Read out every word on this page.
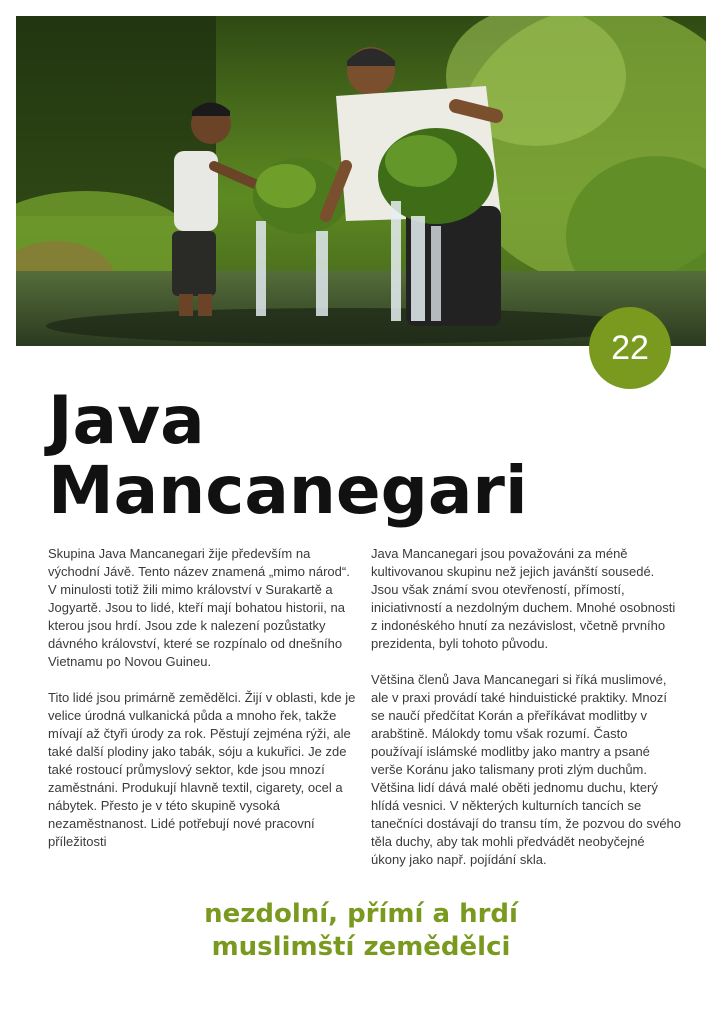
22
Java
Mancanegari

Skupina Java Mancanegari žije především na východní Jávě. Tento název znamená „mimo národ“. V minulosti totiž žili mimo království v Surakartě a Jogyartě. Jsou to lidé, kteří mají bohatou historii, na kterou jsou hrdí. Jsou zde k nalezení pozůstatky dávného království, které se rozpínalo od dnešního Vietnamu po Novou Guineu.

Tito lidé jsou primárně zemědělci. Žijí v oblasti, kde je velice úrodná vulkanická půda a mnoho řek, takže mívají až čtyři úrody za rok. Pěstují zejména rýži, ale také další plodiny jako tabák, sóju a kukuřici. Je zde také rostoucí průmyslový sektor, kde jsou mnozí zaměstnáni. Produkují hlavně textil, cigarety, ocel a nábytek. Přesto je v této skupině vysoká nezaměstnanost. Lidé potřebují nové pracovní příležitosti

Java Mancanegari jsou považováni za méně kultivovanou skupinu než jejich javánští sousedé. Jsou však známí svou otevřeností, přímostí, iniciativností a nezdolným duchem. Mnohé osobnosti z indonéského hnutí za nezávislost, včetně prvního prezidenta, byli tohoto původu.

Většina členů Java Mancanegari si říká muslimové, ale v praxi provádí také hinduistické praktiky. Mnozí se naučí předčítat Korán a přeříkávat modlitby v arabštině. Málokdy tomu však rozumí. Často používají islámské modlitby jako mantry a psané verše Koránu jako talismany proti zlým duchům. Většina lidí dává malé oběti jednomu duchu, který hlídá vesnici. V některých kulturních tancích se tanečníci dostávají do transu tím, že pozvou do svého těla duchy, aby tak mohli předvádět neobyčejné úkony jako např. pojídání skla.

nezdolní, přímí a hrdí
muslimští zemědělci
